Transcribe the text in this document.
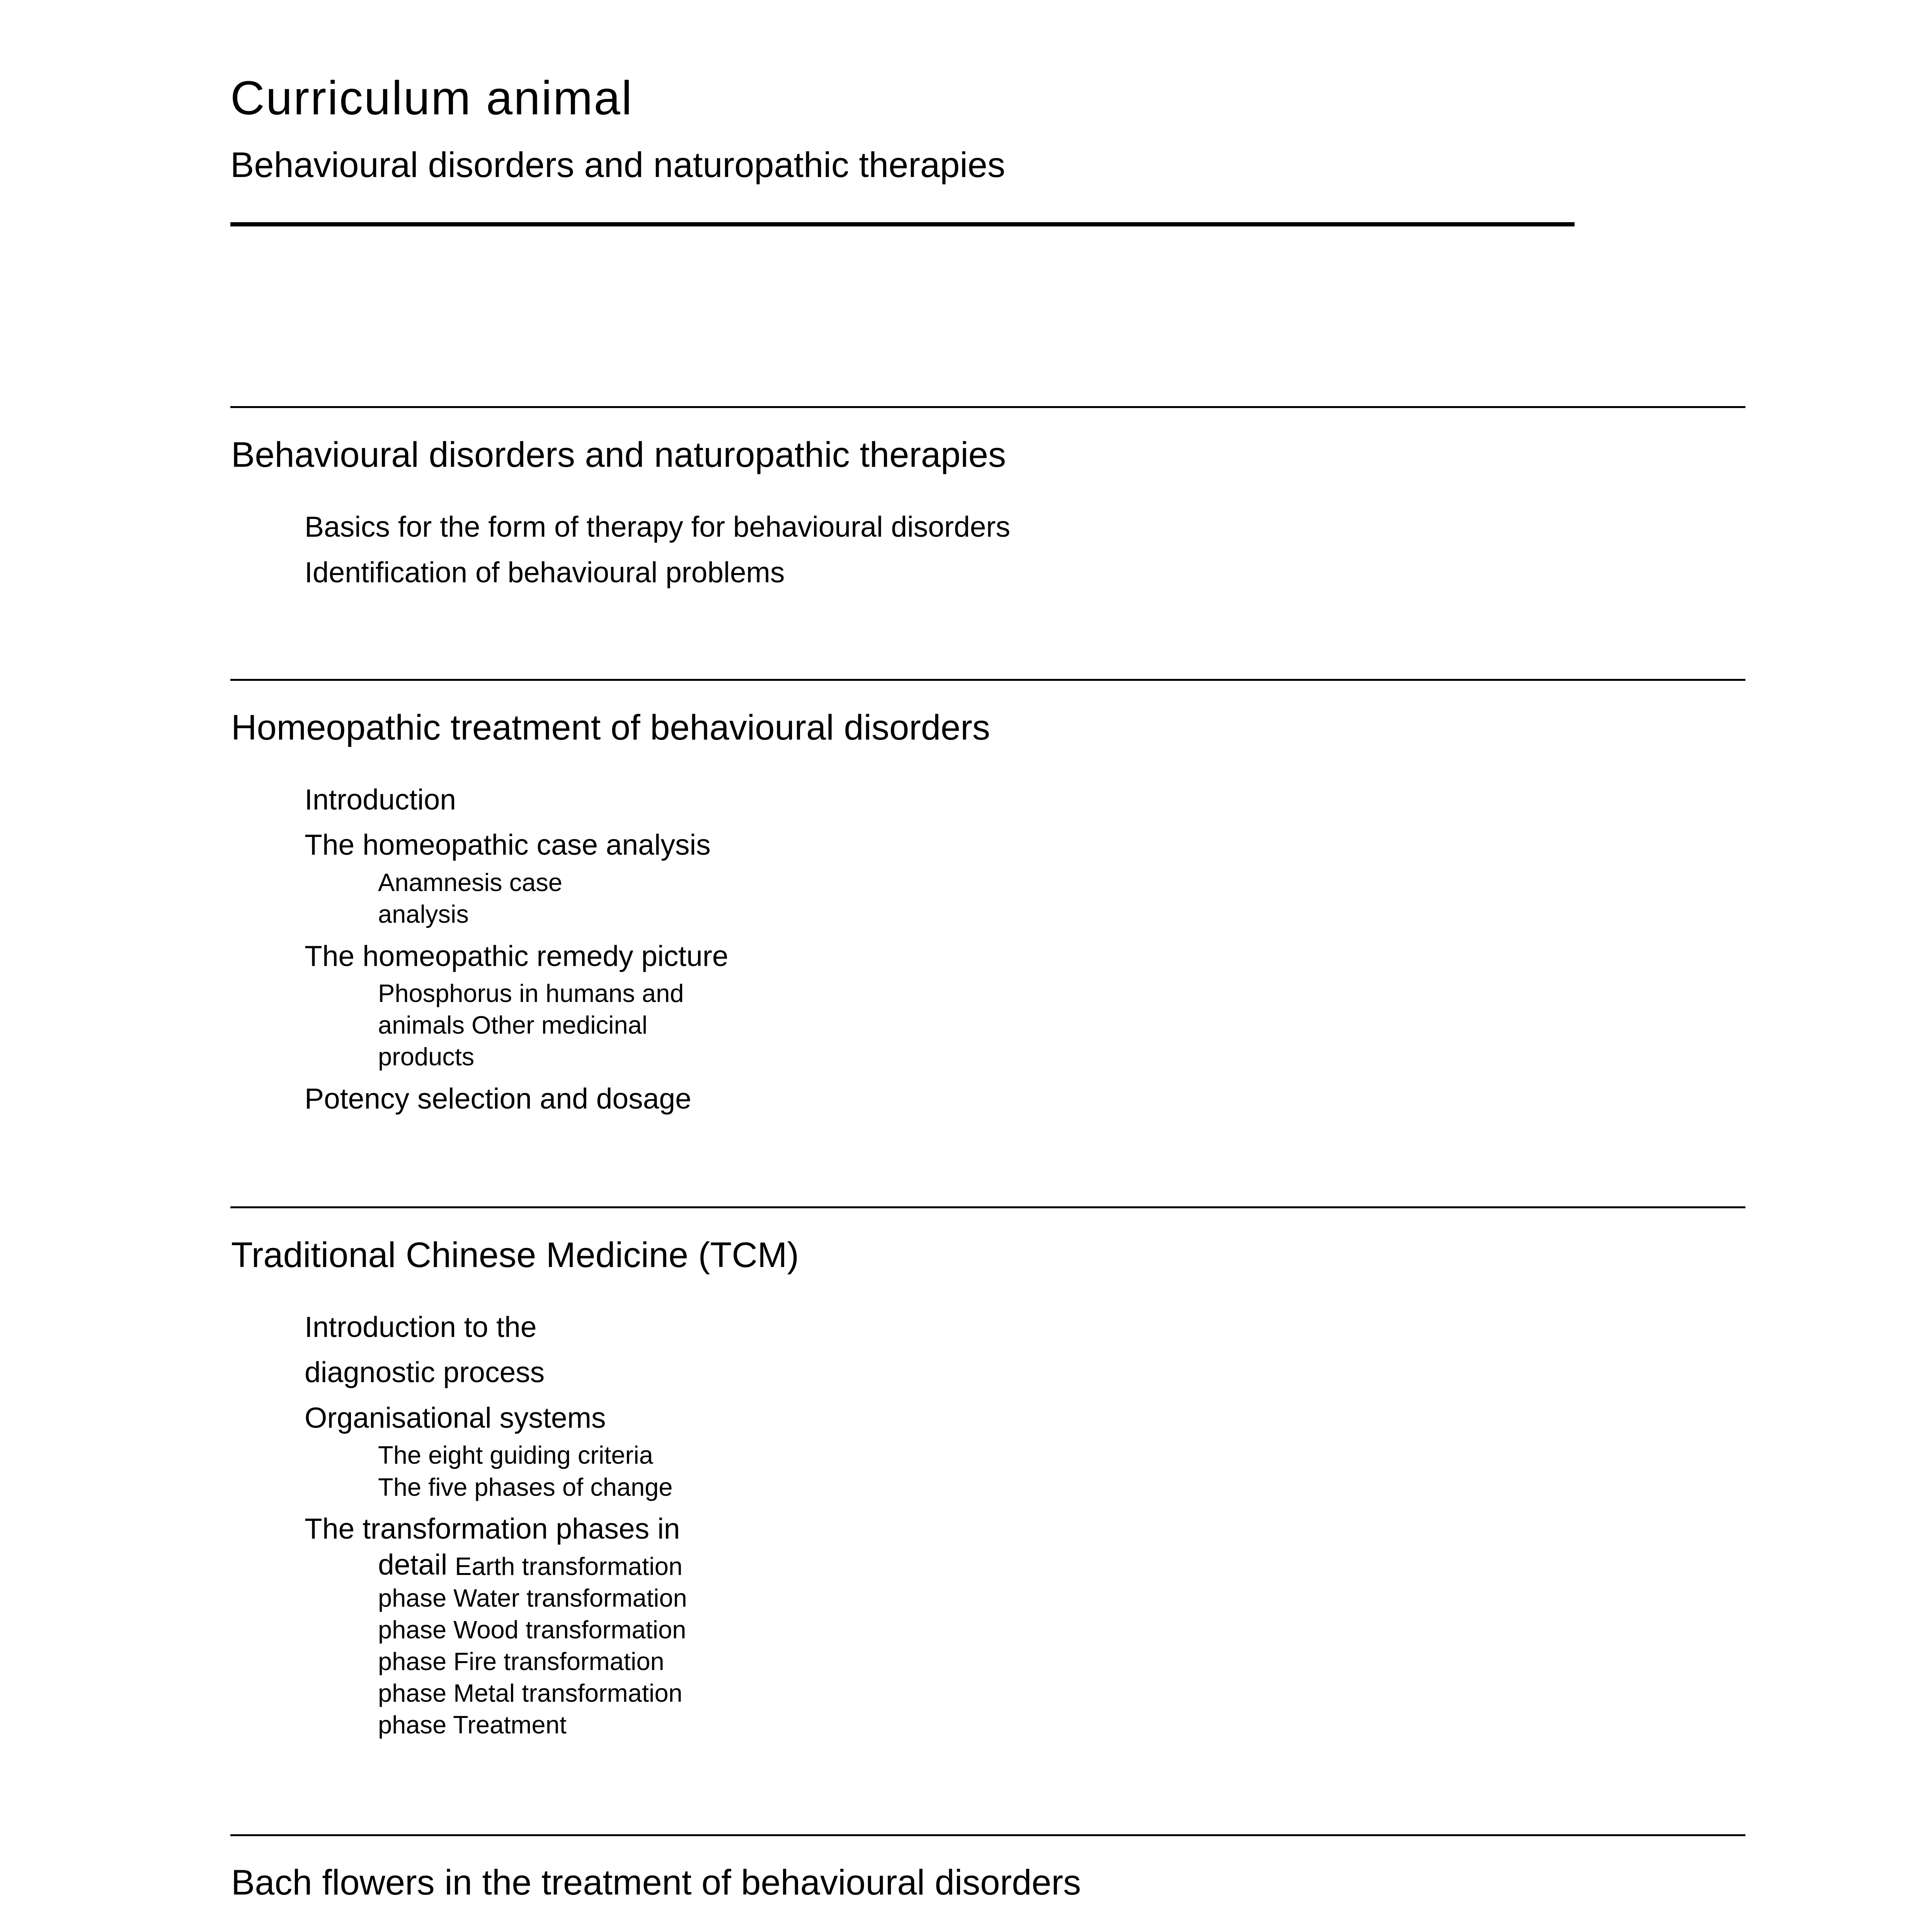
Curriculum animal
Behavioural disorders and naturopathic therapies
Behavioural disorders and naturopathic therapies
Basics for the form of therapy for behavioural disorders
Identification of behavioural problems
Homeopathic treatment of behavioural disorders
Introduction
The homeopathic case analysis
Anamnesis case
analysis
The homeopathic remedy picture
Phosphorus in humans and
animals Other medicinal
products
Potency selection and dosage
Traditional Chinese Medicine (TCM)
Introduction to the
diagnostic process
Organisational systems
The eight guiding criteria
The five phases of change
The transformation phases in
detail Earth transformation
phase Water transformation
phase Wood transformation
phase Fire transformation
phase Metal transformation
phase Treatment
Bach flowers in the treatment of behavioural disorders
